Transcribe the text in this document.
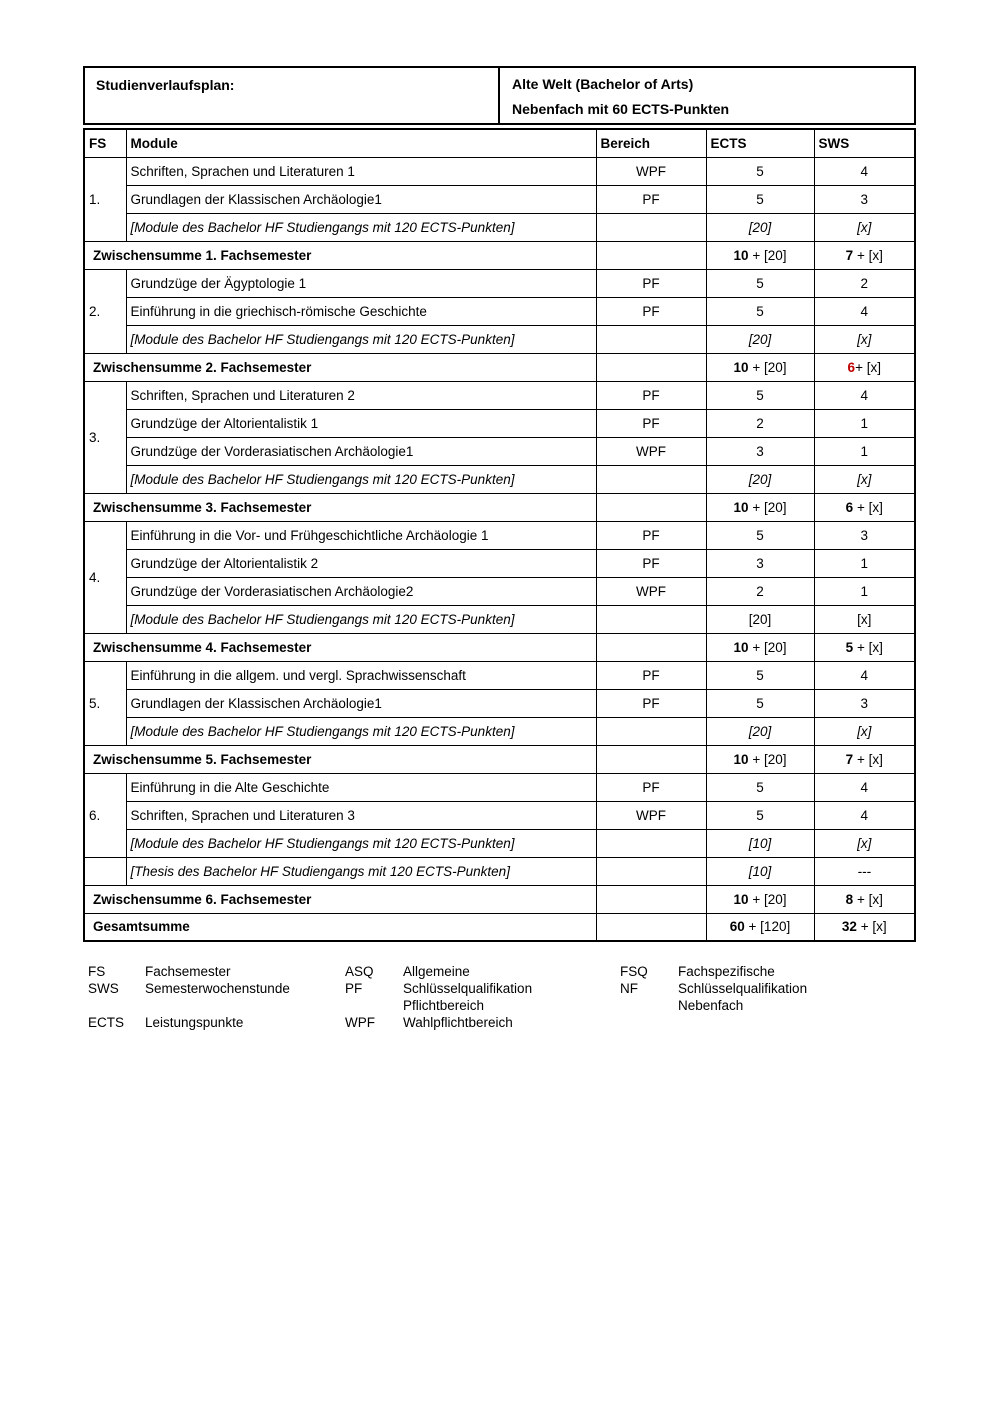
Studienverlaufsplan:	Alte Welt (Bachelor of Arts)
Nebenfach mit 60 ECTS-Punkten
FS	Module	Bereich	ECTS	SWS
1.	Schriften, Sprachen und Literaturen 1	WPF	5	4
	Grundlagen der Klassischen Archäologie1	PF	5	3
	[Module des Bachelor HF Studiengangs mit 120 ECTS-Punkten]		[20]	[x]
Zwischensumme 1. Fachsemester			10 + [20]	7 + [x]
2.	Grundzüge der Ägyptologie 1	PF	5	2
	Einführung in die griechisch-römische Geschichte	PF	5	4
	[Module des Bachelor HF Studiengangs mit 120 ECTS-Punkten]		[20]	[x]
Zwischensumme 2. Fachsemester			10 + [20]	6+ [x]
3.	Schriften, Sprachen und Literaturen 2	PF	5	4
	Grundzüge der Altorientalistik 1	PF	2	1
	Grundzüge der Vorderasiatischen Archäologie1	WPF	3	1
	[Module des Bachelor HF Studiengangs mit 120 ECTS-Punkten]		[20]	[x]
Zwischensumme 3. Fachsemester			10 + [20]	6 + [x]
4.	Einführung in die Vor- und Frühgeschichtliche Archäologie 1	PF	5	3
	Grundzüge der Altorientalistik 2	PF	3	1
	Grundzüge der Vorderasiatischen Archäologie2	WPF	2	1
	[Module des Bachelor HF Studiengangs mit 120 ECTS-Punkten]		[20]	[x]
Zwischensumme 4. Fachsemester			10 + [20]	5 + [x]
5.	Einführung in die allgem. und vergl. Sprachwissenschaft	PF	5	4
	Grundlagen der Klassischen Archäologie1	PF	5	3
	[Module des Bachelor HF Studiengangs mit 120 ECTS-Punkten]		[20]	[x]
Zwischensumme 5. Fachsemester			10 + [20]	7 + [x]
6.	Einführung in die Alte Geschichte	PF	5	4
	Schriften, Sprachen und Literaturen 3	WPF	5	4
	[Module des Bachelor HF Studiengangs mit 120 ECTS-Punkten]		[10]	[x]
	[Thesis des Bachelor HF Studiengangs mit 120 ECTS-Punkten]		[10]	---
Zwischensumme 6. Fachsemester			10 + [20]	8 + [x]
Gesamtsumme			60 + [120]	32 + [x]
FS	Fachsemester	ASQ	Allgemeine	FSQ	Fachspezifische
SWS	Semesterwochenstunde	PF	Schlüsselqualifikation	NF	Schlüsselqualifikation
Pflichtbereich	Nebenfach
ECTS	Leistungspunkte	WPF	Wahlpflichtbereich
